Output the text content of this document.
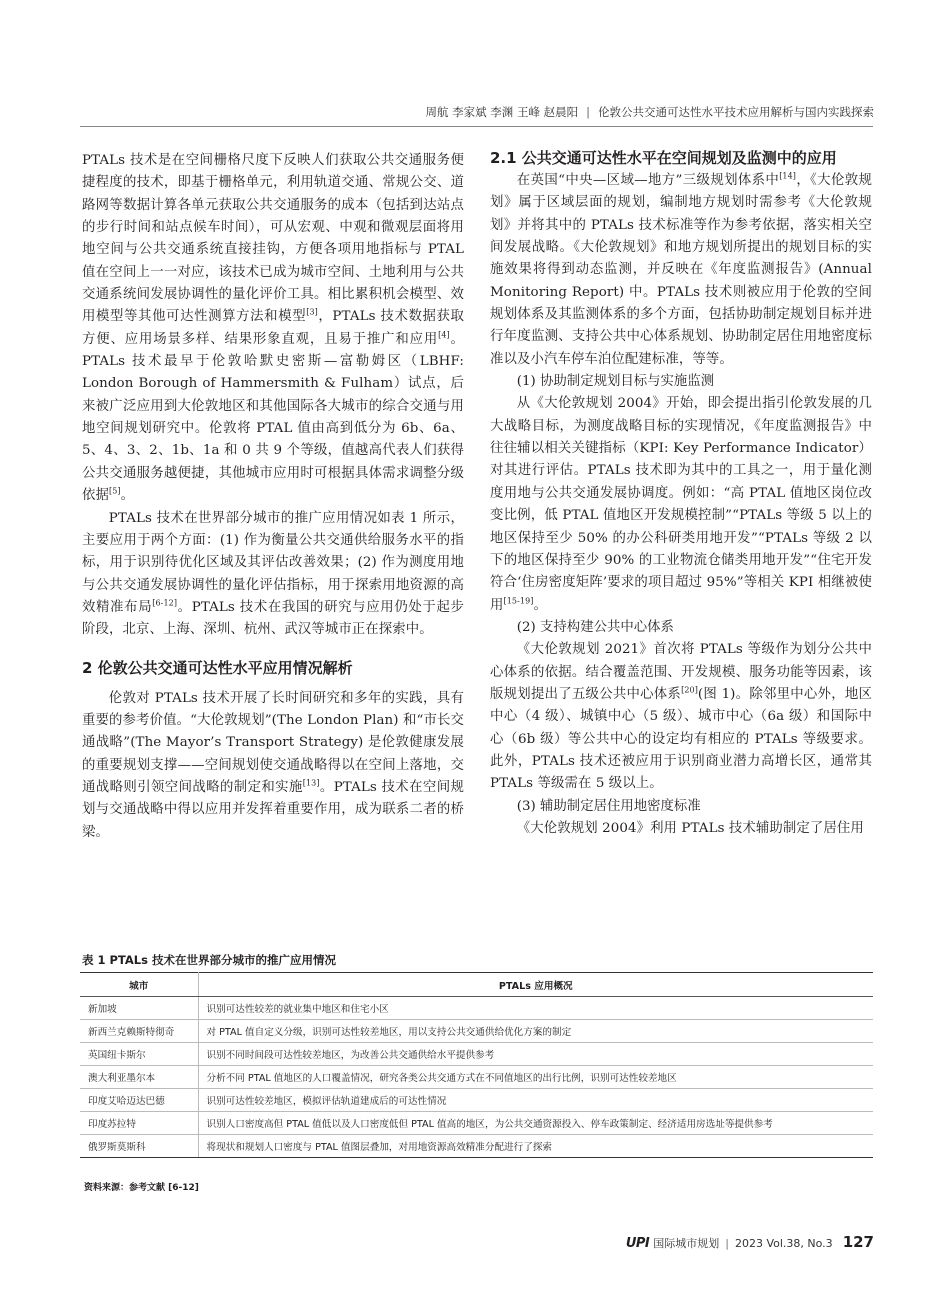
周航 李家斌 李渊 王峰 赵晨阳 | 伦敦公共交通可达性水平技术应用解析与国内实践探索

PTALs 技术是在空间栅格尺度下反映人们获取公共交通服务便捷程度的技术，即基于栅格单元，利用轨道交通、常规公交、道路网等数据计算各单元获取公共交通服务的成本（包括到达站点的步行时间和站点候车时间），可从宏观、中观和微观层面将用地空间与公共交通系统直接挂钩，方便各项用地指标与 PTAL 值在空间上一一对应，该技术已成为城市空间、土地利用与公共交通系统间发展协调性的量化评价工具。相比累积机会模型、效用模型等其他可达性测算方法和模型[3]，PTALs 技术数据获取方便、应用场景多样、结果形象直观，且易于推广和应用[4]。PTALs 技术最早于伦敦哈默史密斯—富勒姆区（LBHF: London Borough of Hammersmith & Fulham）试点，后来被广泛应用到大伦敦地区和其他国际各大城市的综合交通与用地空间规划研究中。伦敦将 PTAL 值由高到低分为 6b、6a、5、4、3、2、1b、1a 和 0 共 9 个等级，值越高代表人们获得公共交通服务越便捷，其他城市应用时可根据具体需求调整分级依据[5]。

PTALs 技术在世界部分城市的推广应用情况如表 1 所示，主要应用于两个方面：(1) 作为衡量公共交通供给服务水平的指标，用于识别待优化区域及其评估改善效果；(2) 作为测度用地与公共交通发展协调性的量化评估指标，用于探索用地资源的高效精准布局[6-12]。PTALs 技术在我国的研究与应用仍处于起步阶段，北京、上海、深圳、杭州、武汉等城市正在探索中。

2 伦敦公共交通可达性水平应用情况解析

伦敦对 PTALs 技术开展了长时间研究和多年的实践，具有重要的参考价值。“大伦敦规划”(The London Plan) 和“市长交通战略”(The Mayor’s Transport Strategy) 是伦敦健康发展的重要规划支撑——空间规划使交通战略得以在空间上落地，交通战略则引领空间战略的制定和实施[13]。PTALs 技术在空间规划与交通战略中得以应用并发挥着重要作用，成为联系二者的桥梁。

2.1 公共交通可达性水平在空间规划及监测中的应用

在英国“中央—区域—地方”三级规划体系中[14]，《大伦敦规划》属于区域层面的规划，编制地方规划时需参考《大伦敦规划》并将其中的 PTALs 技术标准等作为参考依据，落实相关空间发展战略。《大伦敦规划》和地方规划所提出的规划目标的实施效果将得到动态监测，并反映在《年度监测报告》(Annual Monitoring Report) 中。PTALs 技术则被应用于伦敦的空间规划体系及其监测体系的多个方面，包括协助制定规划目标并进行年度监测、支持公共中心体系规划、协助制定居住用地密度标准以及小汽车停车泊位配建标准，等等。

(1) 协助制定规划目标与实施监测

从《大伦敦规划 2004》开始，即会提出指引伦敦发展的几大战略目标，为测度战略目标的实现情况，《年度监测报告》中往往辅以相关关键指标（KPI: Key Performance Indicator）对其进行评估。PTALs 技术即为其中的工具之一，用于量化测度用地与公共交通发展协调度。例如：“高 PTAL 值地区岗位改变比例，低 PTAL 值地区开发规模控制”“PTALs 等级 5 以上的地区保持至少 50% 的办公科研类用地开发”“PTALs 等级 2 以下的地区保持至少 90% 的工业物流仓储类用地开发”“住宅开发符合‘住房密度矩阵’要求的项目超过 95%”等相关 KPI 相继被使用[15-19]。

(2) 支持构建公共中心体系

《大伦敦规划 2021》首次将 PTALs 等级作为划分公共中心体系的依据。结合覆盖范围、开发规模、服务功能等因素，该版规划提出了五级公共中心体系[20](图 1)。除邻里中心外，地区中心（4 级）、城镇中心（5 级）、城市中心（6a 级）和国际中心（6b 级）等公共中心的设定均有相应的 PTALs 等级要求。此外，PTALs 技术还被应用于识别商业潜力高增长区，通常其 PTALs 等级需在 5 级以上。

(3) 辅助制定居住用地密度标准

《大伦敦规划 2004》利用 PTALs 技术辅助制定了居住用

表 1 PTALs 技术在世界部分城市的推广应用情况
城市	PTALs 应用概况
新加坡	识别可达性较差的就业集中地区和住宅小区
新西兰克赖斯特彻奇	对 PTAL 值自定义分级，识别可达性较差地区，用以支持公共交通供给优化方案的制定
英国纽卡斯尔	识别不同时间段可达性较差地区，为改善公共交通供给水平提供参考
澳大利亚墨尔本	分析不同 PTAL 值地区的人口覆盖情况，研究各类公共交通方式在不同值地区的出行比例，识别可达性较差地区
印度艾哈迈达巴德	识别可达性较差地区，模拟评估轨道建成后的可达性情况
印度苏拉特	识别人口密度高但 PTAL 值低以及人口密度低但 PTAL 值高的地区，为公共交通资源投入、停车政策制定、经济适用房选址等提供参考
俄罗斯莫斯科	将现状和规划人口密度与 PTAL 值图层叠加，对用地资源高效精准分配进行了探索
资料来源：参考文献 [6-12]
UPI 国际城市规划 | 2023 Vol.38, No.3 127
